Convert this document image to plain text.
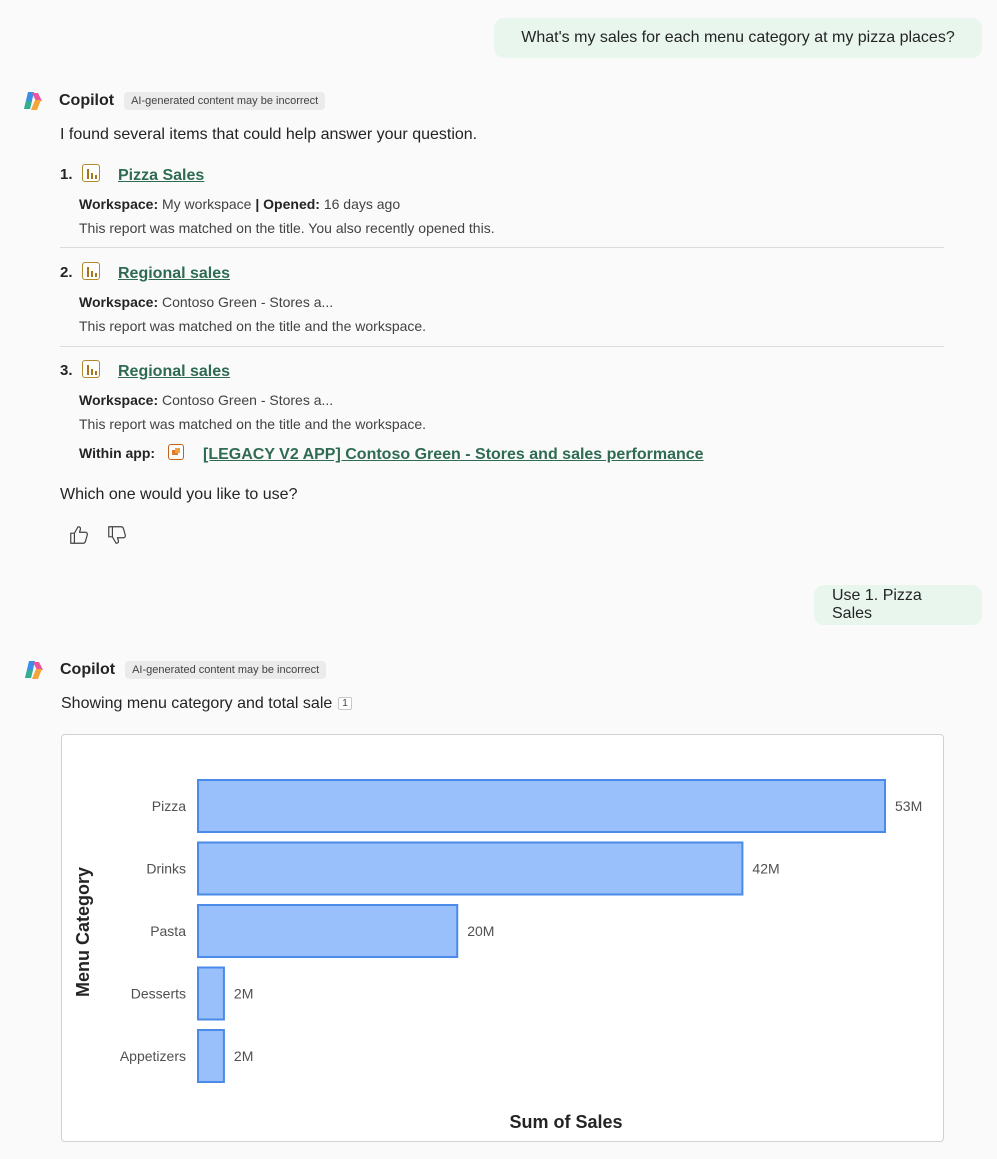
What's my sales for each menu category at my pizza places?
Copilot	AI-generated content may be incorrect
I found several items that could help answer your question.
1.	Pizza Sales
Workspace: My workspace | Opened: 16 days ago
This report was matched on the title. You also recently opened this.
2.	Regional sales
Workspace: Contoso Green - Stores a...
This report was matched on the title and the workspace.
3.	Regional sales
Workspace: Contoso Green - Stores a...
This report was matched on the title and the workspace.
Within app:	[LEGACY V2 APP] Contoso Green - Stores and sales performance
Which one would you like to use?
Use 1. Pizza Sales
Copilot	AI-generated content may be incorrect
Showing menu category and total sale 1
Pizza	53M
Drinks	42M
Pasta	20M
Desserts	2M
Appetizers	2M
Sum of Sales
Menu Category
